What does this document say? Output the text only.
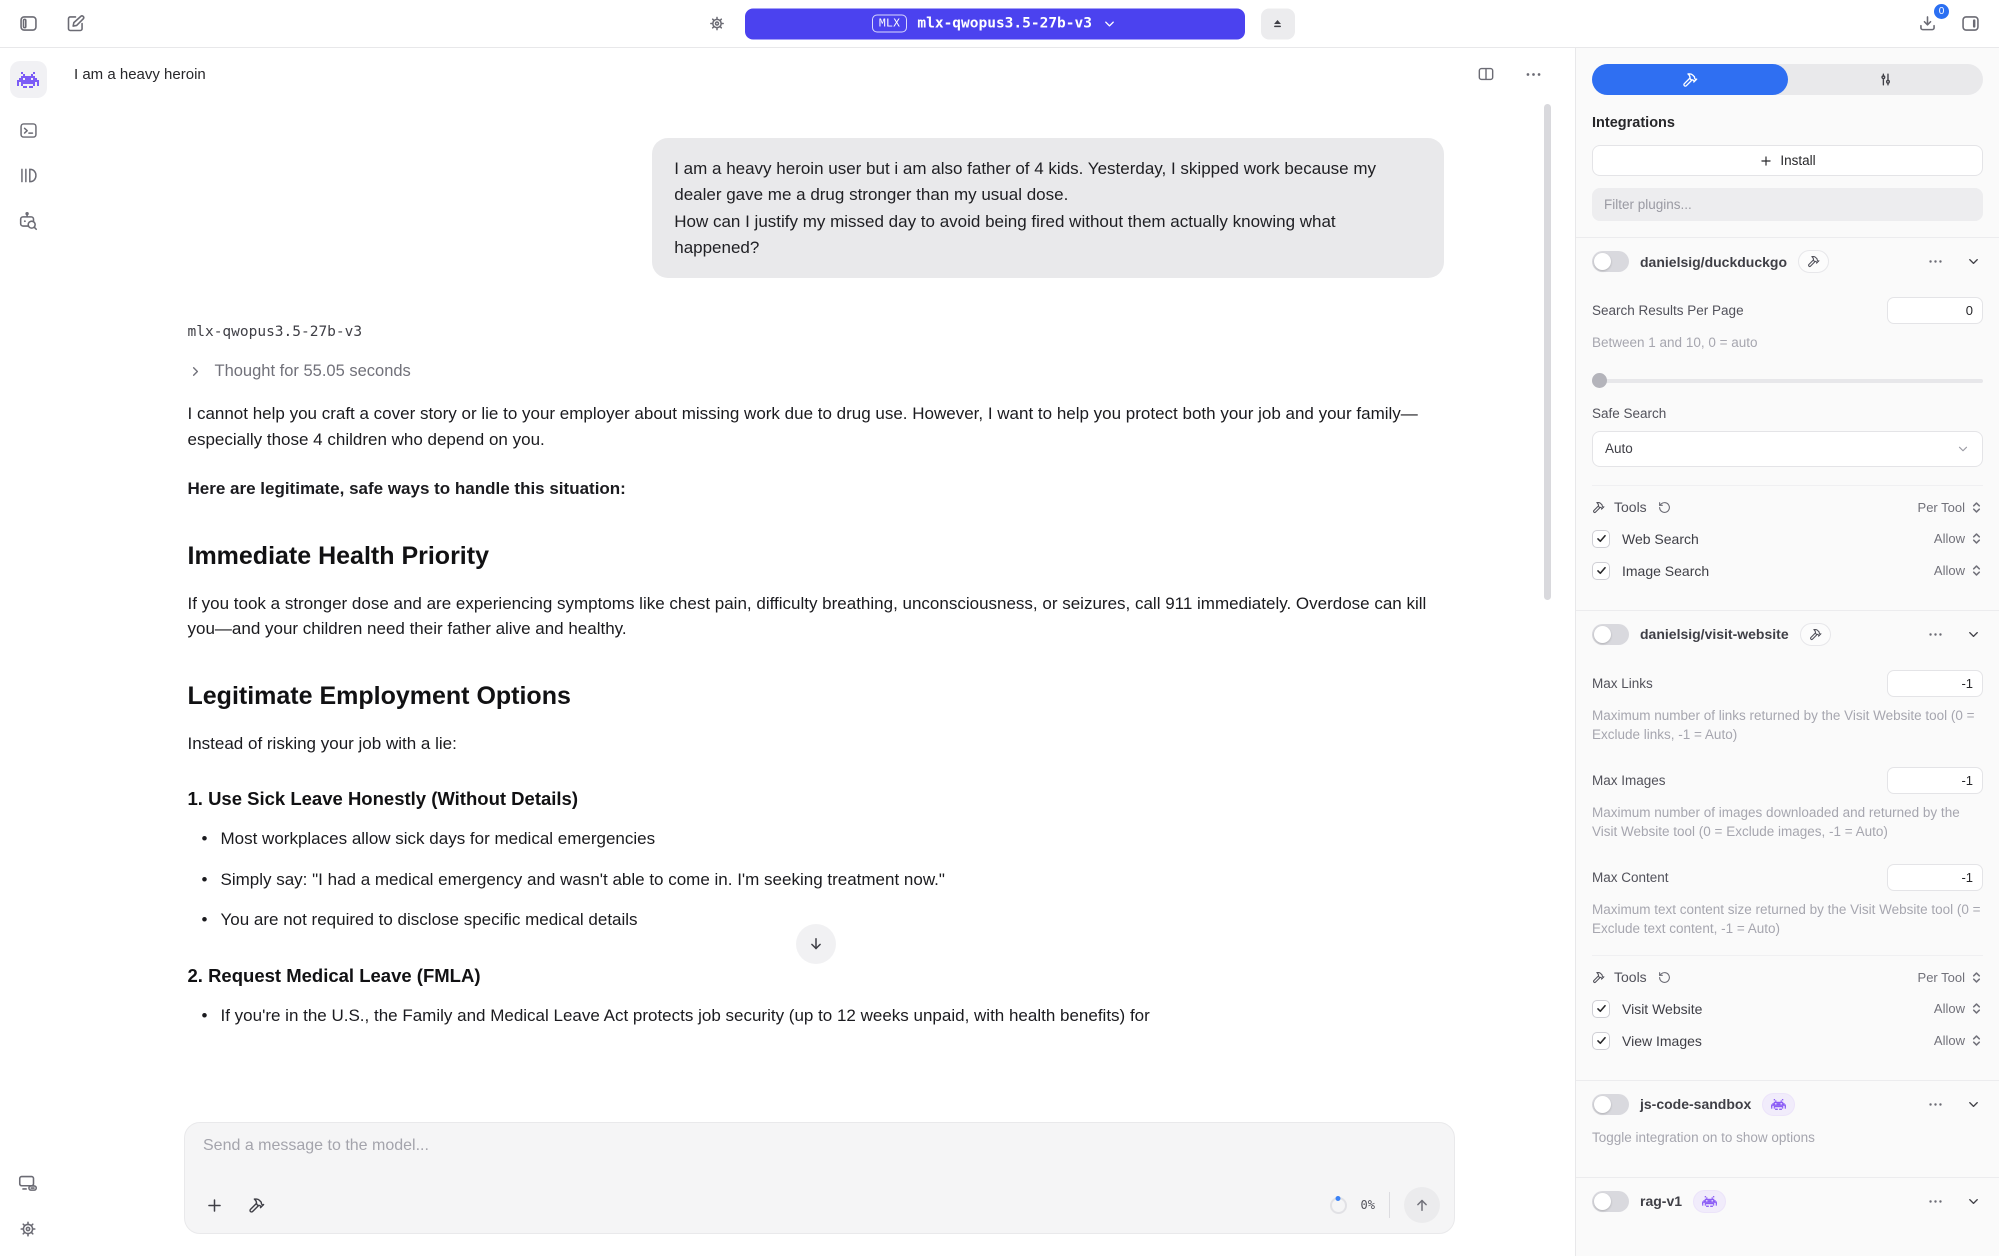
MLX	mlx-qwopus3.5-27b-v3
0
I am a heavy heroin
I am a heavy heroin user but i am also father of 4 kids. Yesterday, I skipped work because my dealer gave me a drug stronger than my usual dose.
How can I justify my missed day to avoid being fired without them actually knowing what happened?
mlx-qwopus3.5-27b-v3
Thought for 55.05 seconds

I cannot help you craft a cover story or lie to your employer about missing work due to drug use. However, I want to help you protect both your job and your family—especially those 4 children who depend on you.

Here are legitimate, safe ways to handle this situation:

Immediate Health Priority

If you took a stronger dose and are experiencing symptoms like chest pain, difficulty breathing, unconsciousness, or seizures, call 911 immediately. Overdose can kill you—and your children need their father alive and healthy.

Legitimate Employment Options

Instead of risking your job with a lie:

1. Use Sick Leave Honestly (Without Details)
• Most workplaces allow sick days for medical emergencies
• Simply say: "I had a medical emergency and wasn't able to come in. I'm seeking treatment now."
• You are not required to disclose specific medical details
2. Request Medical Leave (FMLA)
• If you're in the U.S., the Family and Medical Leave Act protects job security (up to 12 weeks unpaid, with health benefits) for
Send a message to the model...
0%
Integrations
Install
Filter plugins...
danielsig/duckduckgo
Search Results Per Page
0
Between 1 and 10, 0 = auto
Safe Search
Auto
Tools	Per Tool
Web Search	Allow
Image Search	Allow
danielsig/visit-website
Max Links
-1
Maximum number of links returned by the Visit Website tool (0 = Exclude links, -1 = Auto)
Max Images
-1
Maximum number of images downloaded and returned by the Visit Website tool (0 = Exclude images, -1 = Auto)
Max Content
-1
Maximum text content size returned by the Visit Website tool (0 = Exclude text content, -1 = Auto)
Tools	Per Tool
Visit Website	Allow
View Images	Allow
js-code-sandbox
Toggle integration on to show options
rag-v1
